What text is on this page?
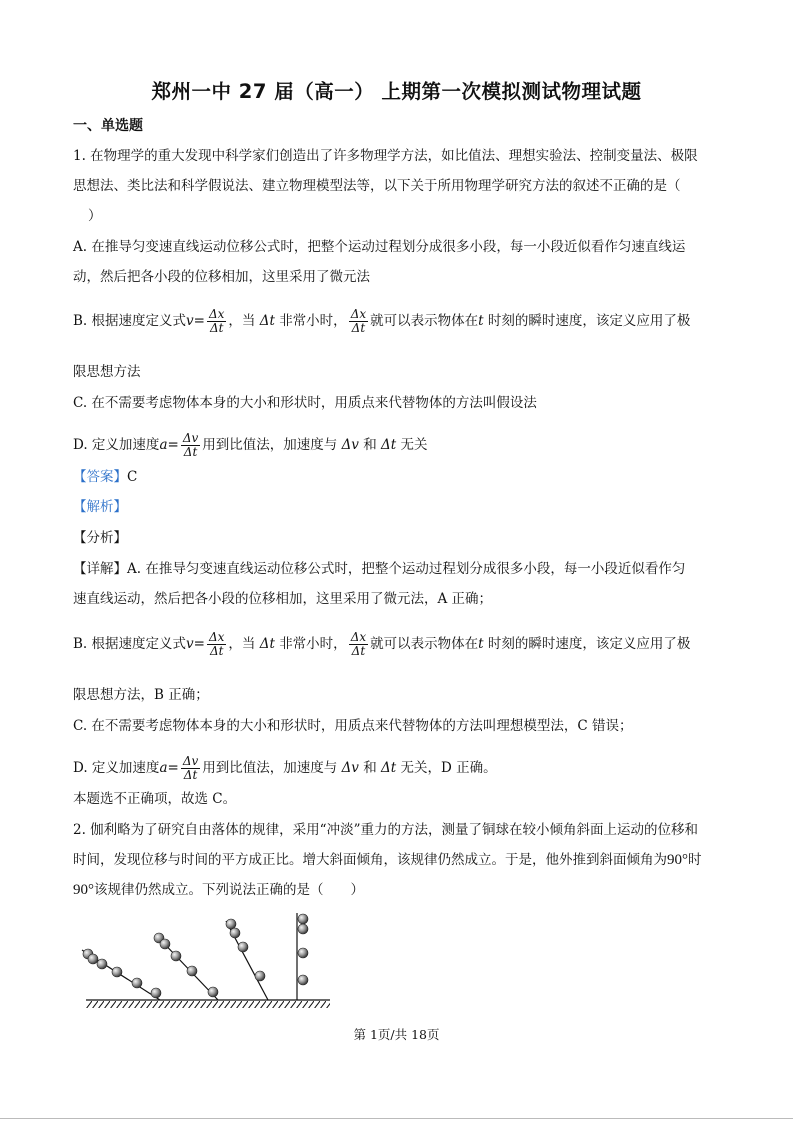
郑州一中 27 届（高一） 上期第一次模拟测试物理试题
一、单选题
1. 在物理学的重大发现中科学家们创造出了许多物理学方法，如比值法、理想实验法、控制变量法、极限
思想法、类比法和科学假说法、建立物理模型法等，以下关于所用物理学研究方法的叙述不正确的是（
）
A. 在推导匀变速直线运动位移公式时，把整个运动过程划分成很多小段，每一小段近似看作匀速直线运
动，然后把各小段的位移相加，这里采用了微元法
B. 根据速度定义式$v= \frac{\Delta x}{\Delta t}$ ，当 Δt 非常小时， $\frac{\Delta x}{\Delta t}$ 就可以表示物体在t 时刻的瞬时速度，该定义应用了极
限思想方法
C. 在不需要考虑物体本身的大小和形状时，用质点来代替物体的方法叫假设法
D. 定义加速度$a= \frac{\Delta v}{\Delta t}$ 用到比值法，加速度与 Δv 和 Δt 无关
【答案】C
【解析】
【分析】
【详解】A. 在推导匀变速直线运动位移公式时，把整个运动过程划分成很多小段，每一小段近似看作匀
速直线运动，然后把各小段的位移相加，这里采用了微元法，A 正确；
B. 根据速度定义式$v= \frac{\Delta x}{\Delta t}$ ，当 Δt 非常小时， $\frac{\Delta x}{\Delta t}$ 就可以表示物体在t 时刻的瞬时速度，该定义应用了极
限思想方法，B 正确；
C. 在不需要考虑物体本身的大小和形状时，用质点来代替物体的方法叫理想模型法，C 错误；
D. 定义加速度$a= \frac{\Delta v}{\Delta t}$ 用到比值法，加速度与 Δv 和 Δt 无关，D 正确。
本题选不正确项，故选 C。
2. 伽利略为了研究自由落体的规律，采用“冲淡”重力的方法，测量了铜球在较小倾角斜面上运动的位移和
时间，发现位移与时间的平方成正比。增大斜面倾角，该规律仍然成立。于是，他外推到斜面倾角为90°时
90°该规律仍然成立。下列说法正确的是（　　）
第 1页/共 18页
